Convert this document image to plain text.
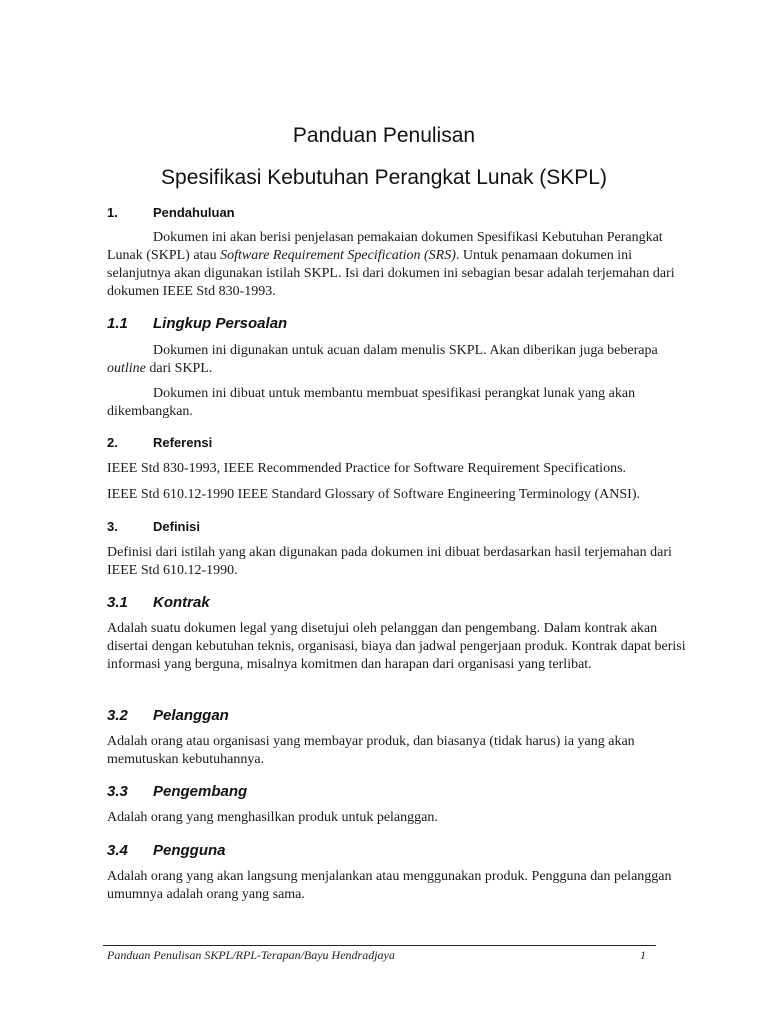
Panduan Penulisan
Spesifikasi Kebutuhan Perangkat Lunak (SKPL)
1.	Pendahuluan
Dokumen ini akan berisi penjelasan pemakaian dokumen Spesifikasi Kebutuhan Perangkat Lunak (SKPL) atau Software Requirement Specification (SRS). Untuk penamaan dokumen ini selanjutnya akan digunakan istilah SKPL. Isi dari dokumen ini sebagian besar adalah terjemahan dari dokumen IEEE Std 830-1993.
1.1 Lingkup Persoalan
Dokumen ini digunakan untuk acuan dalam menulis SKPL. Akan diberikan juga beberapa outline dari SKPL.
Dokumen ini dibuat untuk membantu membuat spesifikasi perangkat lunak yang akan dikembangkan.
2.	Referensi
IEEE Std 830-1993, IEEE Recommended Practice for Software Requirement Specifications.
IEEE Std 610.12-1990 IEEE Standard Glossary of Software Engineering Terminology (ANSI).
3.	Definisi
Definisi dari istilah yang akan digunakan pada dokumen ini dibuat berdasarkan hasil terjemahan dari IEEE Std 610.12-1990.
3.1 Kontrak
Adalah suatu dokumen legal yang disetujui oleh pelanggan dan pengembang. Dalam kontrak akan disertai dengan kebutuhan teknis, organisasi, biaya dan jadwal pengerjaan produk. Kontrak dapat berisi informasi yang berguna, misalnya komitmen dan harapan dari organisasi yang terlibat.
3.2 Pelanggan
Adalah orang atau organisasi yang membayar produk, dan biasanya (tidak harus) ia yang akan memutuskan kebutuhannya.
3.3 Pengembang
Adalah orang yang menghasilkan produk untuk pelanggan.
3.4 Pengguna
Adalah orang yang akan langsung menjalankan atau menggunakan produk. Pengguna dan pelanggan umumnya adalah orang yang sama.
Panduan Penulisan SKPL/RPL-Terapan/Bayu Hendradjaya	1
